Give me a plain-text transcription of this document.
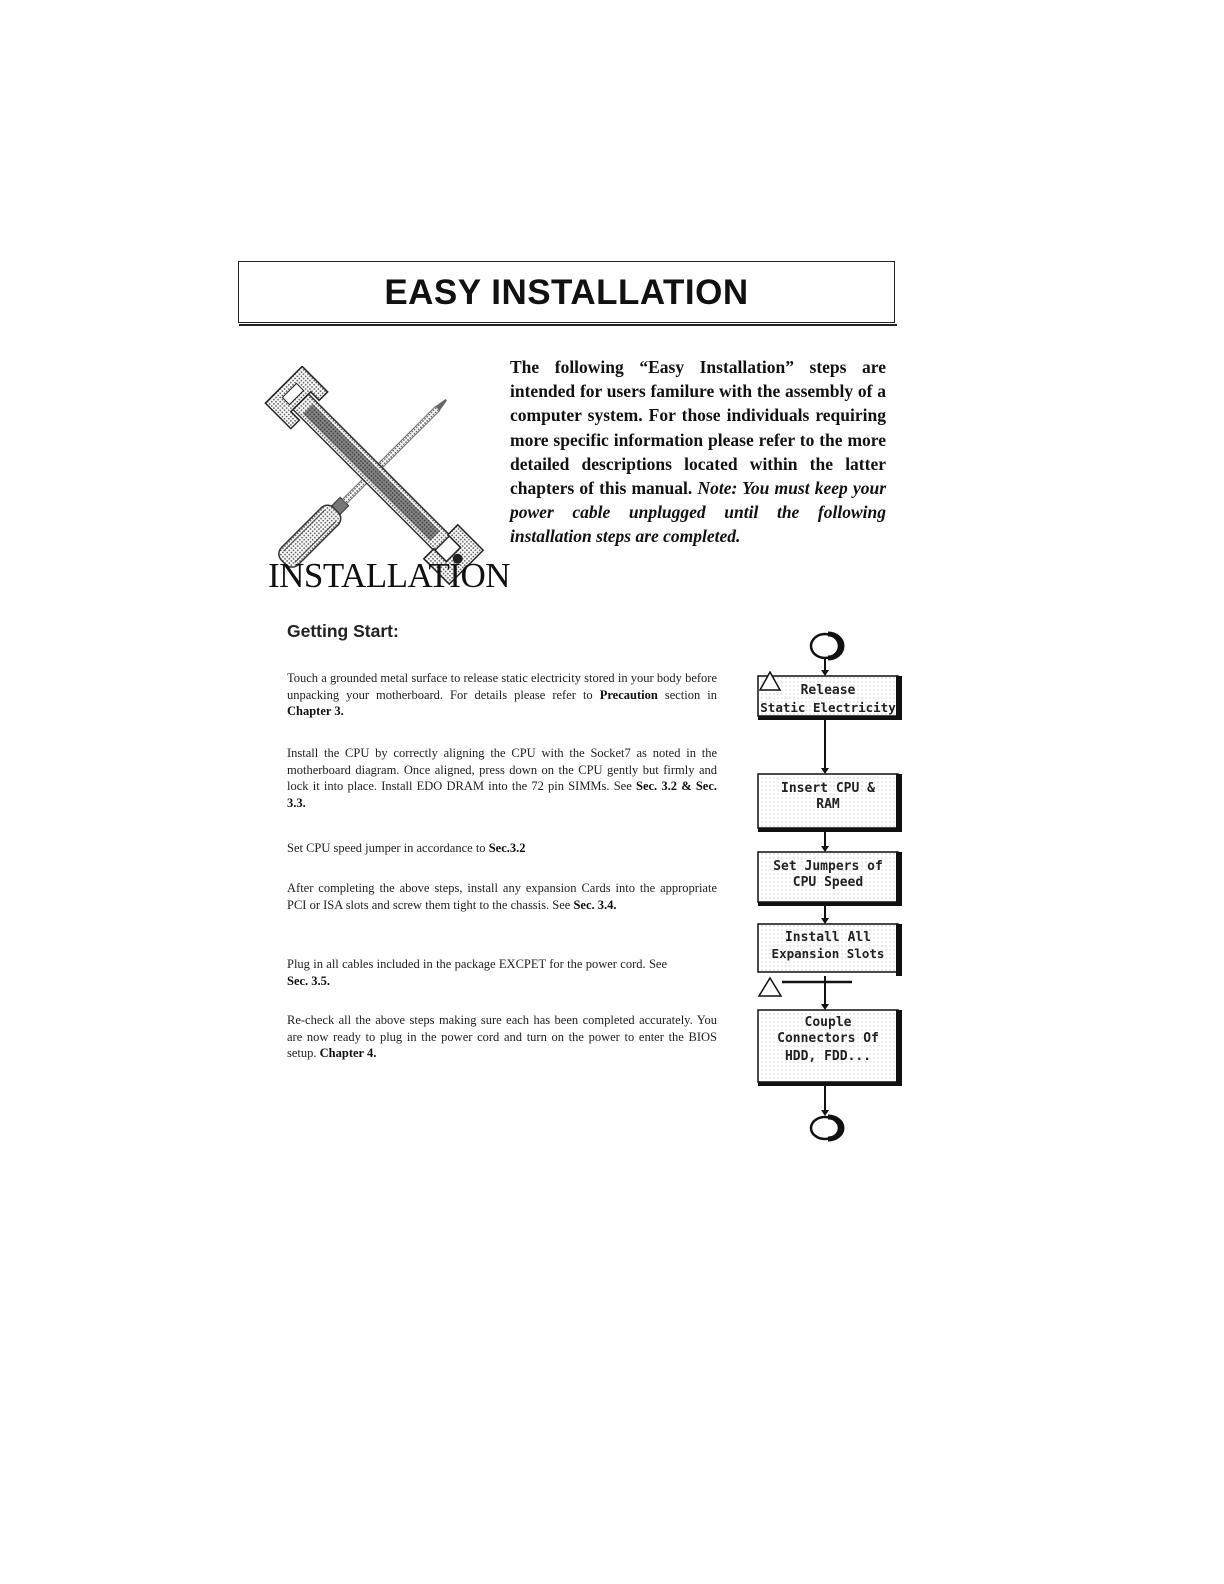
EASY INSTALLATION
INSTALLATION
The following “Easy Installation” steps are intended for users familure with the assembly of a computer system. For those individuals requiring more specific information please refer to the more detailed descriptions located within the latter chapters of this manual. Note: You must keep your power cable unplugged until the following installation steps are completed.
Getting Start:
Touch a grounded metal surface to release static electricity stored in your body before unpacking your motherboard. For details please refer to Precaution section in Chapter 3.
Install the CPU by correctly aligning the CPU with the Socket7 as noted in the motherboard diagram. Once aligned, press down on the CPU gently but firmly and lock it into place. Install EDO DRAM into the 72 pin SIMMs. See Sec. 3.2 & Sec. 3.3.
Set CPU speed jumper in accordance to Sec.3.2
After completing the above steps, install any expansion Cards into the appropriate PCI or ISA slots and screw them tight to the chassis. See Sec. 3.4.
Plug in all cables included in the package EXCPET for the power cord. See Sec. 3.5.
Re-check all the above steps making sure each has been completed accurately. You are now ready to plug in the power cord and turn on the power to enter the BIOS setup. Chapter 4.
Release
Static Electricity
Insert CPU &
RAM
Set Jumpers of
CPU Speed
Install All
Expansion Slots
Couple
Connectors Of
HDD, FDD...
